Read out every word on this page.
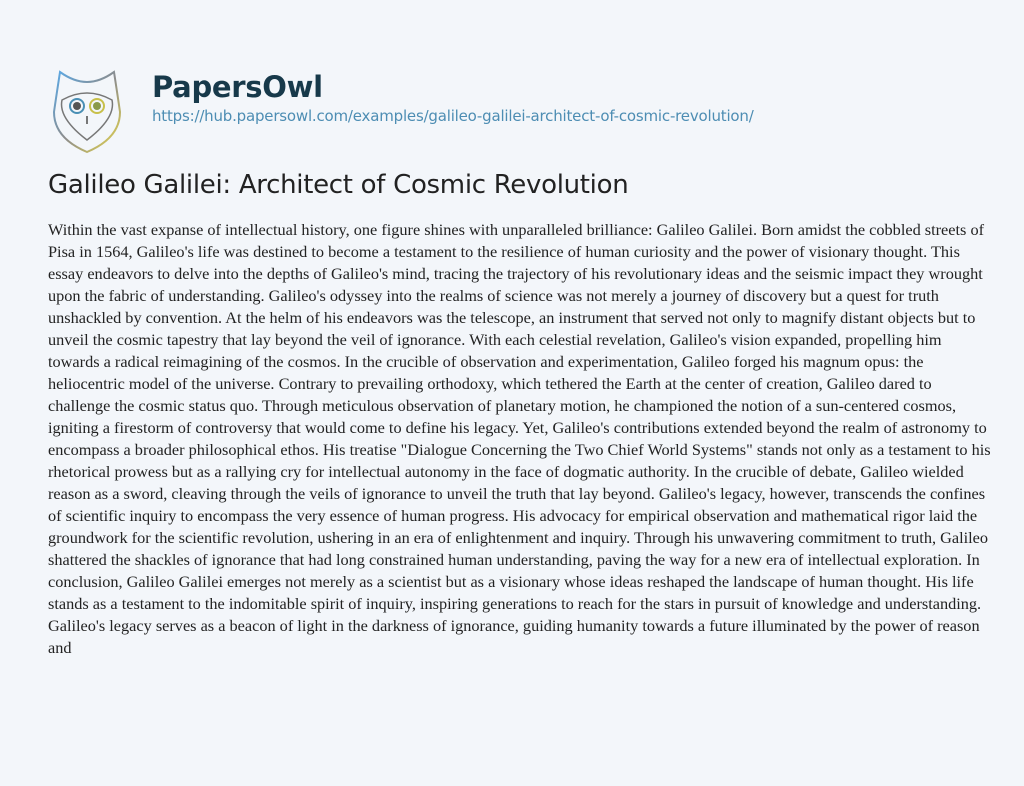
PapersOwl
https://hub.papersowl.com/examples/galileo-galilei-architect-of-cosmic-revolution/
Galileo Galilei: Architect of Cosmic Revolution
Within the vast expanse of intellectual history, one figure shines with unparalleled brilliance: Galileo Galilei. Born amidst the cobbled streets of
Pisa in 1564, Galileo's life was destined to become a testament to the resilience of human curiosity and the power of visionary thought. This
essay endeavors to delve into the depths of Galileo's mind, tracing the trajectory of his revolutionary ideas and the seismic impact they wrought
upon the fabric of understanding. Galileo's odyssey into the realms of science was not merely a journey of discovery but a quest for truth
unshackled by convention. At the helm of his endeavors was the telescope, an instrument that served not only to magnify distant objects but to
unveil the cosmic tapestry that lay beyond the veil of ignorance. With each celestial revelation, Galileo's vision expanded, propelling him
towards a radical reimagining of the cosmos. In the crucible of observation and experimentation, Galileo forged his magnum opus: the
heliocentric model of the universe. Contrary to prevailing orthodoxy, which tethered the Earth at the center of creation, Galileo dared to
challenge the cosmic status quo. Through meticulous observation of planetary motion, he championed the notion of a sun-centered cosmos,
igniting a firestorm of controversy that would come to define his legacy. Yet, Galileo's contributions extended beyond the realm of astronomy to
encompass a broader philosophical ethos. His treatise "Dialogue Concerning the Two Chief World Systems" stands not only as a testament to his
rhetorical prowess but as a rallying cry for intellectual autonomy in the face of dogmatic authority. In the crucible of debate, Galileo wielded
reason as a sword, cleaving through the veils of ignorance to unveil the truth that lay beyond. Galileo's legacy, however, transcends the confines
of scientific inquiry to encompass the very essence of human progress. His advocacy for empirical observation and mathematical rigor laid the
groundwork for the scientific revolution, ushering in an era of enlightenment and inquiry. Through his unwavering commitment to truth, Galileo
shattered the shackles of ignorance that had long constrained human understanding, paving the way for a new era of intellectual exploration. In
conclusion, Galileo Galilei emerges not merely as a scientist but as a visionary whose ideas reshaped the landscape of human thought. His life
stands as a testament to the indomitable spirit of inquiry, inspiring generations to reach for the stars in pursuit of knowledge and understanding.
Galileo's legacy serves as a beacon of light in the darkness of ignorance, guiding humanity towards a future illuminated by the power of reason
and
